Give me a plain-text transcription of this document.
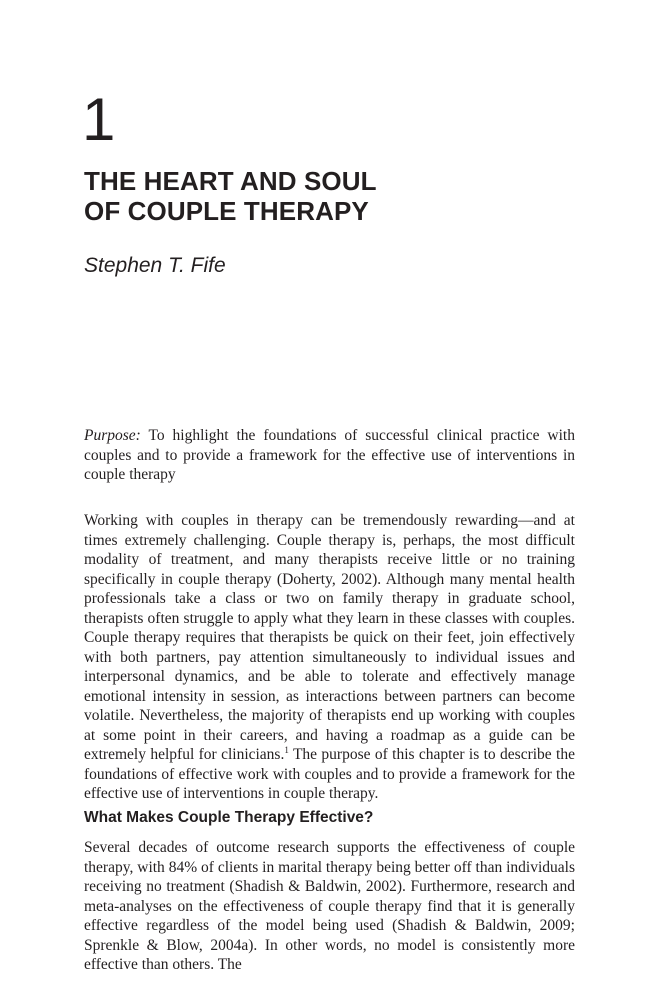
1
THE HEART AND SOUL
OF COUPLE THERAPY
Stephen T. Fife

Purpose: To highlight the foundations of successful clinical practice with couples and to provide a framework for the effective use of interventions in couple therapy

Working with couples in therapy can be tremendously rewarding—and at times extremely challenging. Couple therapy is, perhaps, the most difficult modality of treatment, and many therapists receive little or no training specifically in couple therapy (Doherty, 2002). Although many mental health professionals take a class or two on family therapy in graduate school, therapists often struggle to apply what they learn in these classes with couples. Couple therapy requires that therapists be quick on their feet, join effectively with both partners, pay attention simultaneously to individual issues and interpersonal dynamics, and be able to tolerate and effectively manage emotional intensity in session, as interactions between partners can become volatile. Nevertheless, the majority of therapists end up working with couples at some point in their careers, and having a roadmap as a guide can be extremely helpful for clinicians.$^1$ The purpose of this chapter is to describe the foundations of effective work with couples and to provide a framework for the effective use of interventions in couple therapy.

What Makes Couple Therapy Effective?

Several decades of outcome research supports the effectiveness of couple therapy, with 84% of clients in marital therapy being better off than individuals receiving no treatment (Shadish & Baldwin, 2002). Furthermore, research and meta-analyses on the effectiveness of couple therapy find that it is generally effective regardless of the model being used (Shadish & Baldwin, 2009; Sprenkle & Blow, 2004a). In other words, no model is consistently more effective than others. The
